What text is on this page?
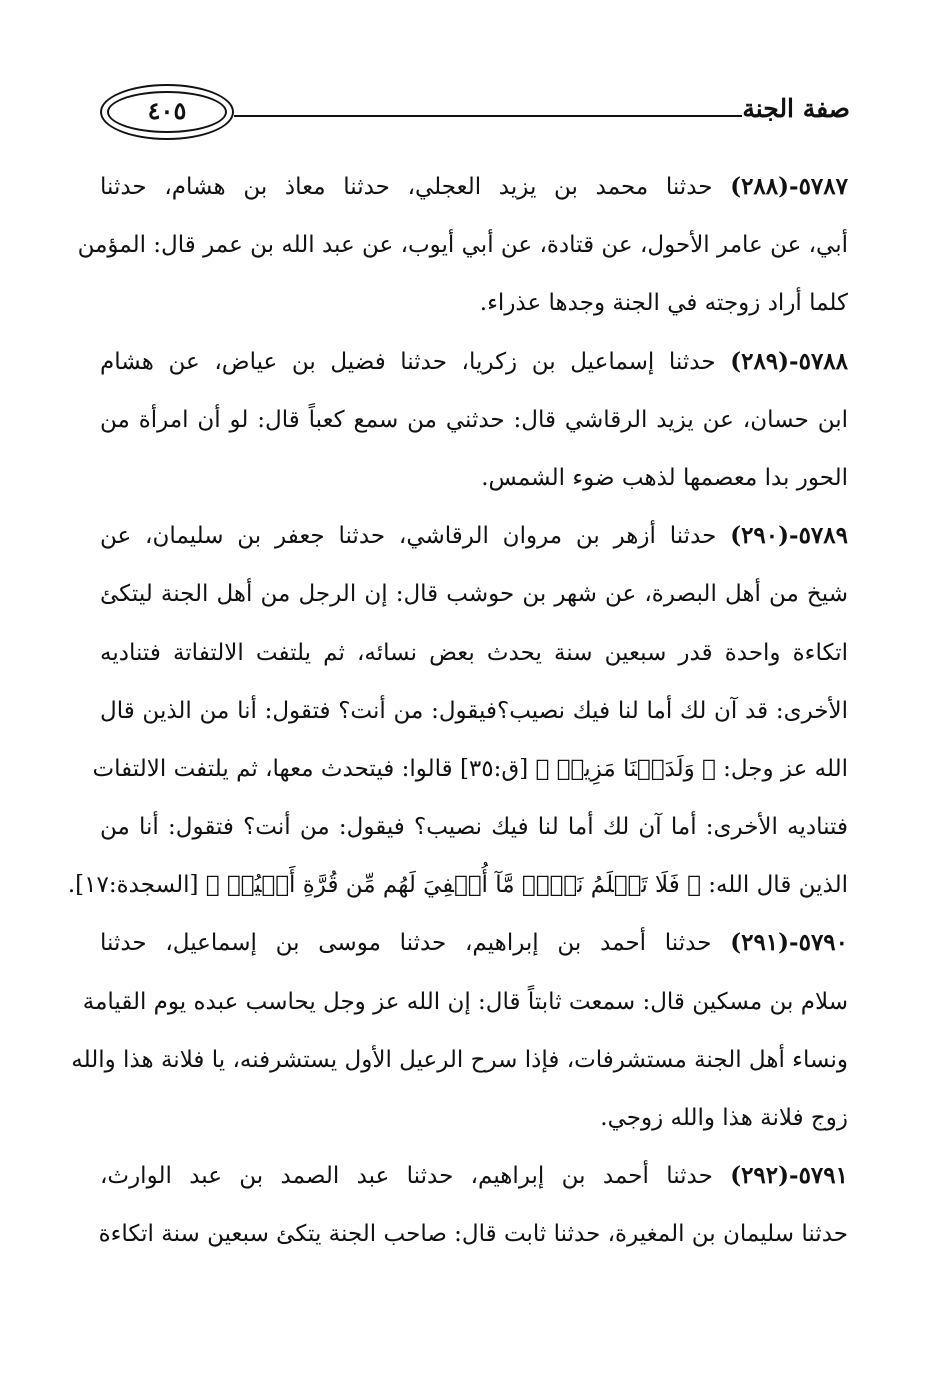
٤٠٥	صفة الجنة
٥٧٨٧-(٢٨٨) حدثنا محمد بن يزيد العجلي، حدثنا معاذ بن هشام، حدثنا
أبي، عن عامر الأحول، عن قتادة، عن أبي أيوب، عن عبد الله بن عمر قال: المؤمن
كلما أراد زوجته في الجنة وجدها عذراء.
٥٧٨٨-(٢٨٩) حدثنا إسماعيل بن زكريا، حدثنا فضيل بن عياض، عن هشام
ابن حسان، عن يزيد الرقاشي قال: حدثني من سمع كعباً قال: لو أن امرأة من
الحور بدا معصمها لذهب ضوء الشمس.
٥٧٨٩-(٢٩٠) حدثنا أزهر بن مروان الرقاشي، حدثنا جعفر بن سليمان، عن
شيخ من أهل البصرة، عن شهر بن حوشب قال: إن الرجل من أهل الجنة ليتكئ
اتكاءة واحدة قدر سبعين سنة يحدث بعض نسائه، ثم يلتفت الالتفاتة فتناديه
الأخرى: قد آن لك أما لنا فيك نصيب؟فيقول: من أنت؟ فتقول: أنا من الذين قال
الله عز وجل: ﴿ وَلَدَيۡنَا مَزِيدٞ ﴾ [ق:٣٥] قالوا: فيتحدث معها، ثم يلتفت الالتفات
فتناديه الأخرى: أما آن لك أما لنا فيك نصيب؟ فيقول: من أنت؟ فتقول: أنا من
الذين قال الله: ﴿ فَلَا تَعۡلَمُ نَفۡسٞ مَّآ أُخۡفِيَ لَهُم مِّن قُرَّةِ أَعۡيُنٖ ﴾ [السجدة:١٧].
٥٧٩٠-(٢٩١) حدثنا أحمد بن إبراهيم، حدثنا موسى بن إسماعيل، حدثنا
سلام بن مسكين قال: سمعت ثابتاً قال: إن الله عز وجل يحاسب عبده يوم القيامة
ونساء أهل الجنة مستشرفات، فإذا سرح الرعيل الأول يستشرفنه، يا فلانة هذا والله
زوج فلانة هذا والله زوجي.
٥٧٩١-(٢٩٢) حدثنا أحمد بن إبراهيم، حدثنا عبد الصمد بن عبد الوارث،
حدثنا سليمان بن المغيرة، حدثنا ثابت قال: صاحب الجنة يتكئ سبعين سنة اتكاءة
